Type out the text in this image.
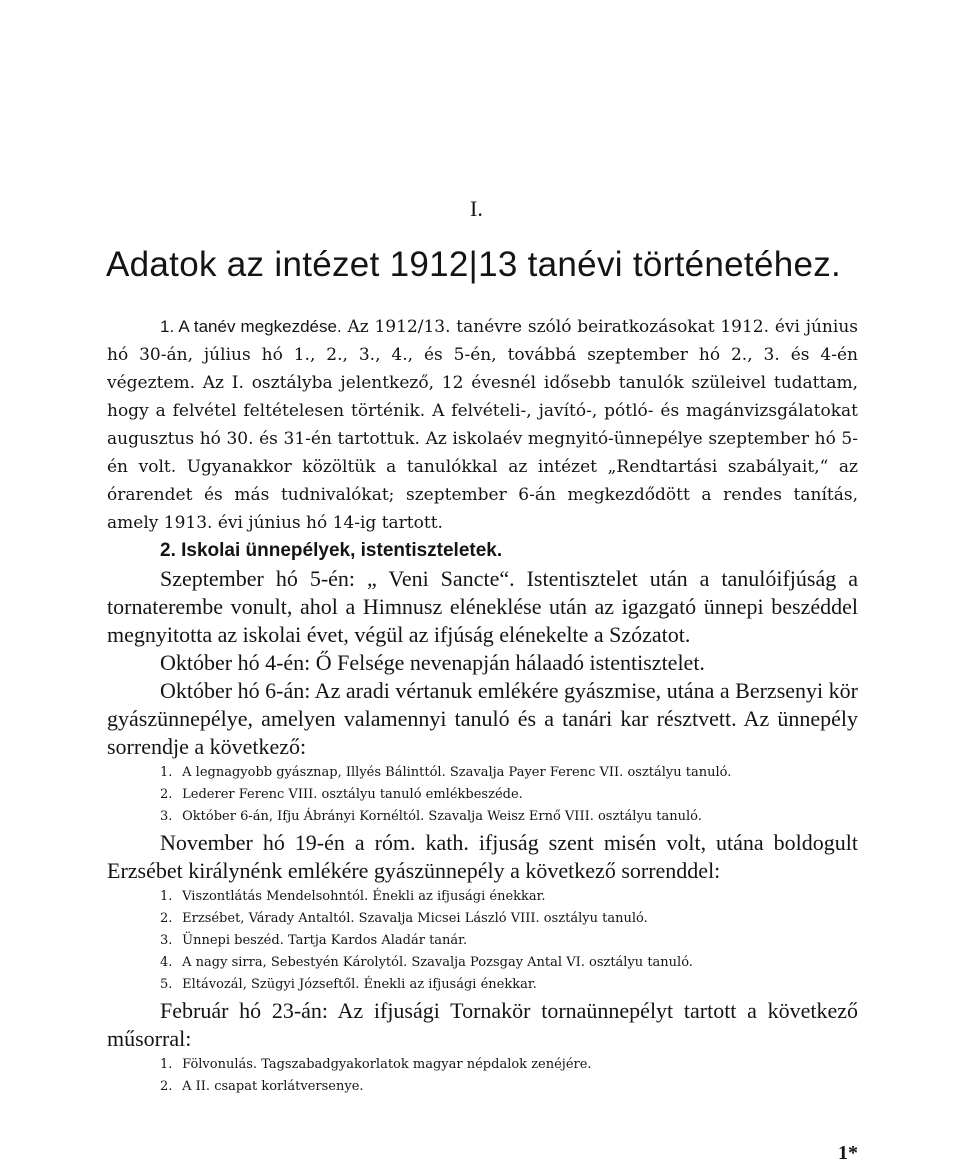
I.
Adatok az intézet 1912|13 tanévi történetéhez.

1. A tanév megkezdése. Az 1912/13. tanévre szóló beiratkozásokat 1912. évi június hó 30-án, július hó 1., 2., 3., 4., és 5-én, továbbá szeptember hó 2., 3. és 4-én végeztem. Az I. osztályba jelentkező, 12 évesnél idősebb tanulók szüleivel tudattam, hogy a felvétel feltételesen történik. A felvételi-, javító-, pótló- és magánvizsgálatokat augusztus hó 30. és 31-én tartottuk. Az iskolaév megnyitó-ünnepélye szeptember hó 5-én volt. Ugyanakkor közöltük a tanulókkal az intézet „Rendtartási szabályait,“ az órarendet és más tudnivalókat; szeptember 6-án megkezdődött a rendes tanítás, amely 1913. évi június hó 14-ig tartott.

2. Iskolai ünnepélyek, istentiszteletek.

Szeptember hó 5-én: „ Veni Sancte“. Istentisztelet után a tanulóifjúság a tornaterembe vonult, ahol a Himnusz eléneklése után az igazgató ünnepi beszéddel megnyitotta az iskolai évet, végül az ifjúság elénekelte a Szózatot.

Október hó 4-én: Ő Felsége nevenapján hálaadó istentisztelet.

Október hó 6-án: Az aradi vértanuk emlékére gyászmise, utána a Berzsenyi kör gyászünnepélye, amelyen valamennyi tanuló és a tanári kar résztvett. Az ünnepély sorrendje a következő:

1. A legnagyobb gyásznap, Illyés Bálinttól. Szavalja Payer Ferenc VII. osztályu tanuló.
2. Lederer Ferenc VIII. osztályu tanuló emlékbeszéde.
3. Október 6-án, Ifju Ábrányi Kornéltól. Szavalja Weisz Ernő VIII. osztályu tanuló.

November hó 19-én a róm. kath. ifjuság szent misén volt, utána boldogult Erzsébet királynénk emlékére gyászünnepély a következő sorrenddel:

1. Viszontlátás Mendelsohntól. Énekli az ifjusági énekkar.
2. Erzsébet, Várady Antaltól. Szavalja Micsei László VIII. osztályu tanuló.
3. Ünnepi beszéd. Tartja Kardos Aladár tanár.
4. A nagy sirra, Sebestyén Károlytól. Szavalja Pozsgay Antal VI. osztályu tanuló.
5. Eltávozál, Szügyi Józseftől. Énekli az ifjusági énekkar.

Február hó 23-án: Az ifjusági Tornakör tornaünnepélyt tartott a következő műsorral:

1. Fölvonulás. Tagszabadgyakorlatok magyar népdalok zenéjére.
2. A II. csapat korlátversenye.
1*
